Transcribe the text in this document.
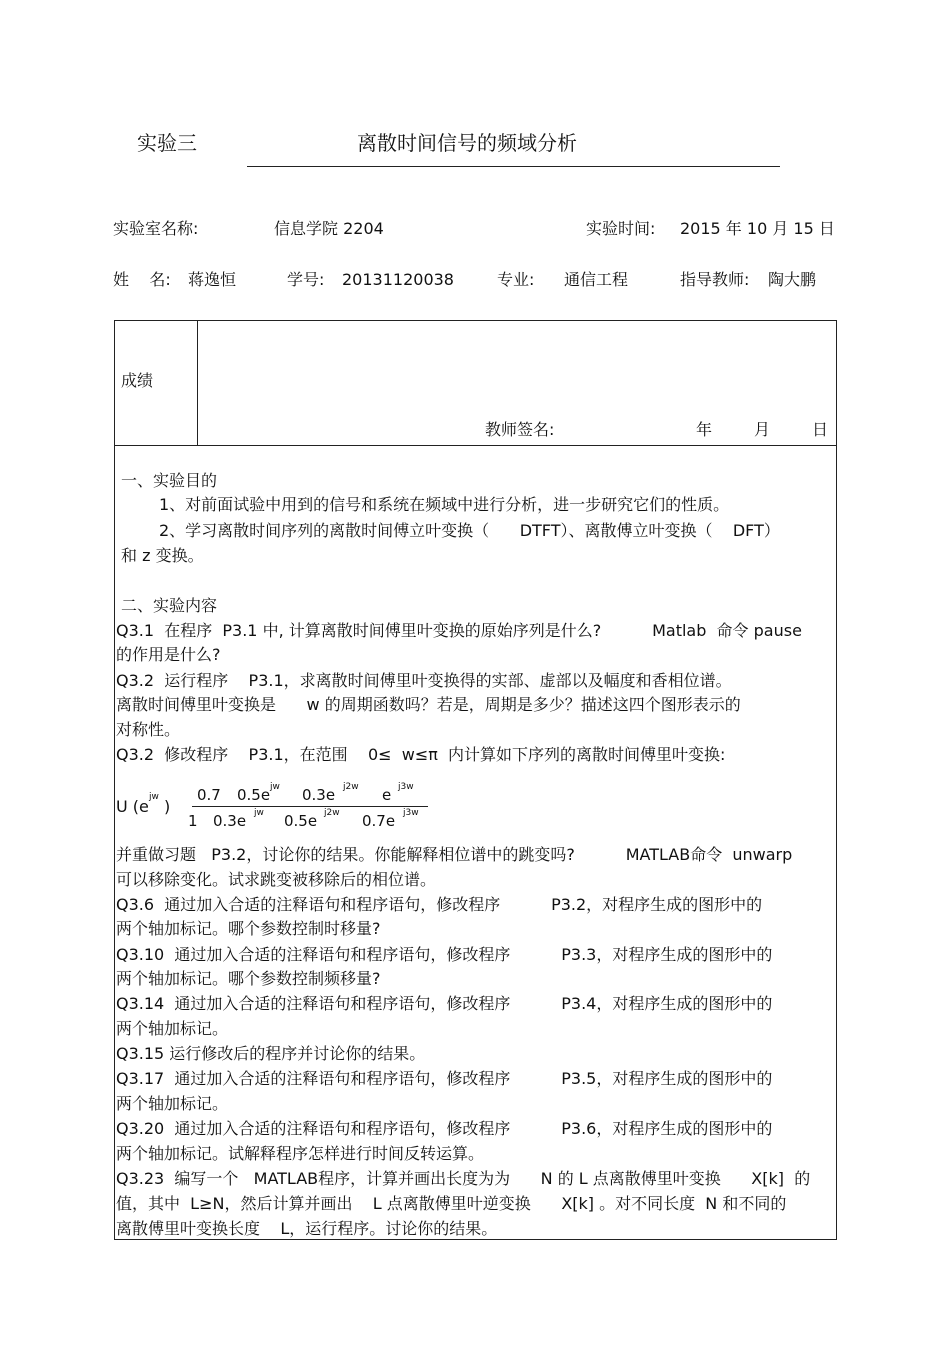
实验三	离散时间信号的频域分析
实验室名称:	信息学院 2204	实验时间: 2015 年 10 月 15 日
姓    名: 蒋逸恒	学号: 20131120038	专业: 通信工程	指导教师: 陶大鹏
成绩
教师签名:	年	月	日
一、实验目的
1、对前面试验中用到的信号和系统在频域中进行分析，进一步研究它们的性质。
2、学习离散时间序列的离散时间傅立叶变换（      DTFT）、离散傅立叶变换（    DFT）
和 z 变换。
二、实验内容
Q3.1  在程序  P3.1 中, 计算离散时间傅里叶变换的原始序列是什么?          Matlab  命令 pause
的作用是什么?
Q3.2  运行程序    P3.1，求离散时间傅里叶变换得的实部、虚部以及幅度和香相位谱。
离散时间傅里叶变换是      w 的周期函数吗？若是，周期是多少？描述这四个图形表示的
对称性。
Q3.2  修改程序    P3.1，在范围    0≤  w≤π  内计算如下序列的离散时间傅里叶变换:
U (e jw )
0.7 0.5e jw 0.3e j2w e j3w
1 0.3e jw 0.5e j2w 0.7e j3w
并重做习题   P3.2，讨论你的结果。你能解释相位谱中的跳变吗?          MATLAB命令  unwarp
可以移除变化。试求跳变被移除后的相位谱。
Q3.6  通过加入合适的注释语句和程序语句，修改程序          P3.2，对程序生成的图形中的
两个轴加标记。哪个参数控制时移量?
Q3.10  通过加入合适的注释语句和程序语句，修改程序          P3.3，对程序生成的图形中的
两个轴加标记。哪个参数控制频移量?
Q3.14  通过加入合适的注释语句和程序语句，修改程序          P3.4，对程序生成的图形中的
两个轴加标记。
Q3.15 运行修改后的程序并讨论你的结果。
Q3.17  通过加入合适的注释语句和程序语句，修改程序          P3.5，对程序生成的图形中的
两个轴加标记。
Q3.20  通过加入合适的注释语句和程序语句，修改程序          P3.6，对程序生成的图形中的
两个轴加标记。试解释程序怎样进行时间反转运算。
Q3.23  编写一个   MATLAB程序，计算并画出长度为为      N 的 L 点离散傅里叶变换      X[k]  的
值，其中  L≥N，然后计算并画出    L 点离散傅里叶逆变换      X[k] 。对不同长度  N 和不同的
离散傅里叶变换长度    L，运行程序。讨论你的结果。
